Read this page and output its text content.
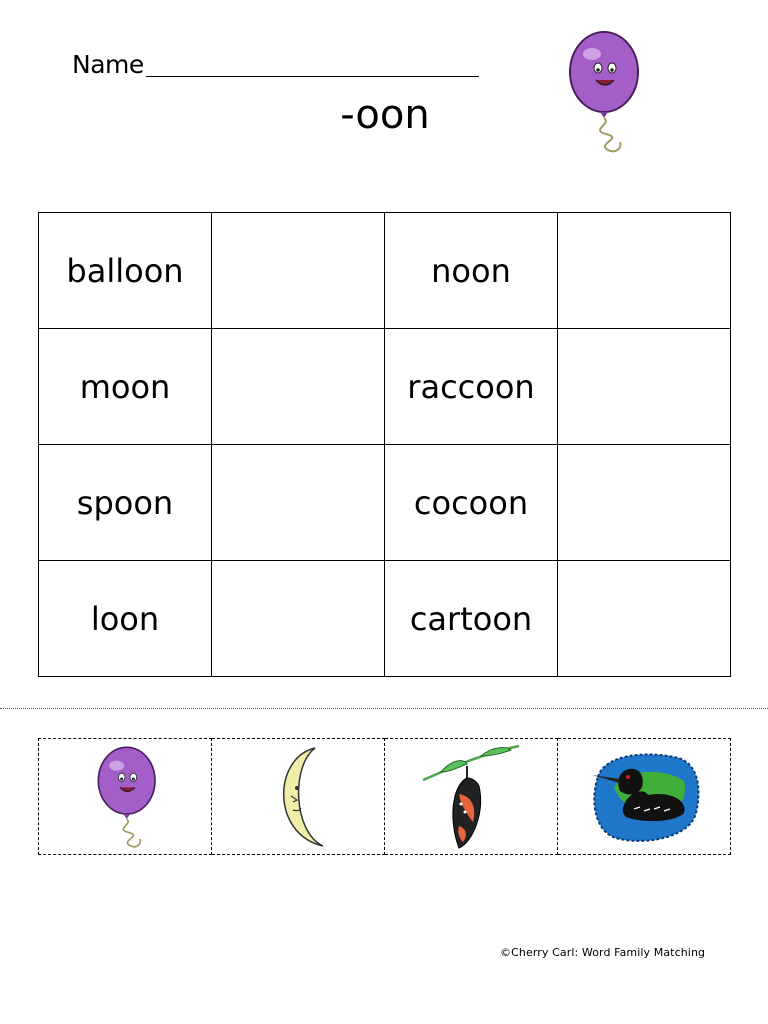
Name
-oon
balloon		noon	
moon		raccoon	
spoon		cocoon	
loon		cartoon	

©Cherry Carl: Word Family Matching
